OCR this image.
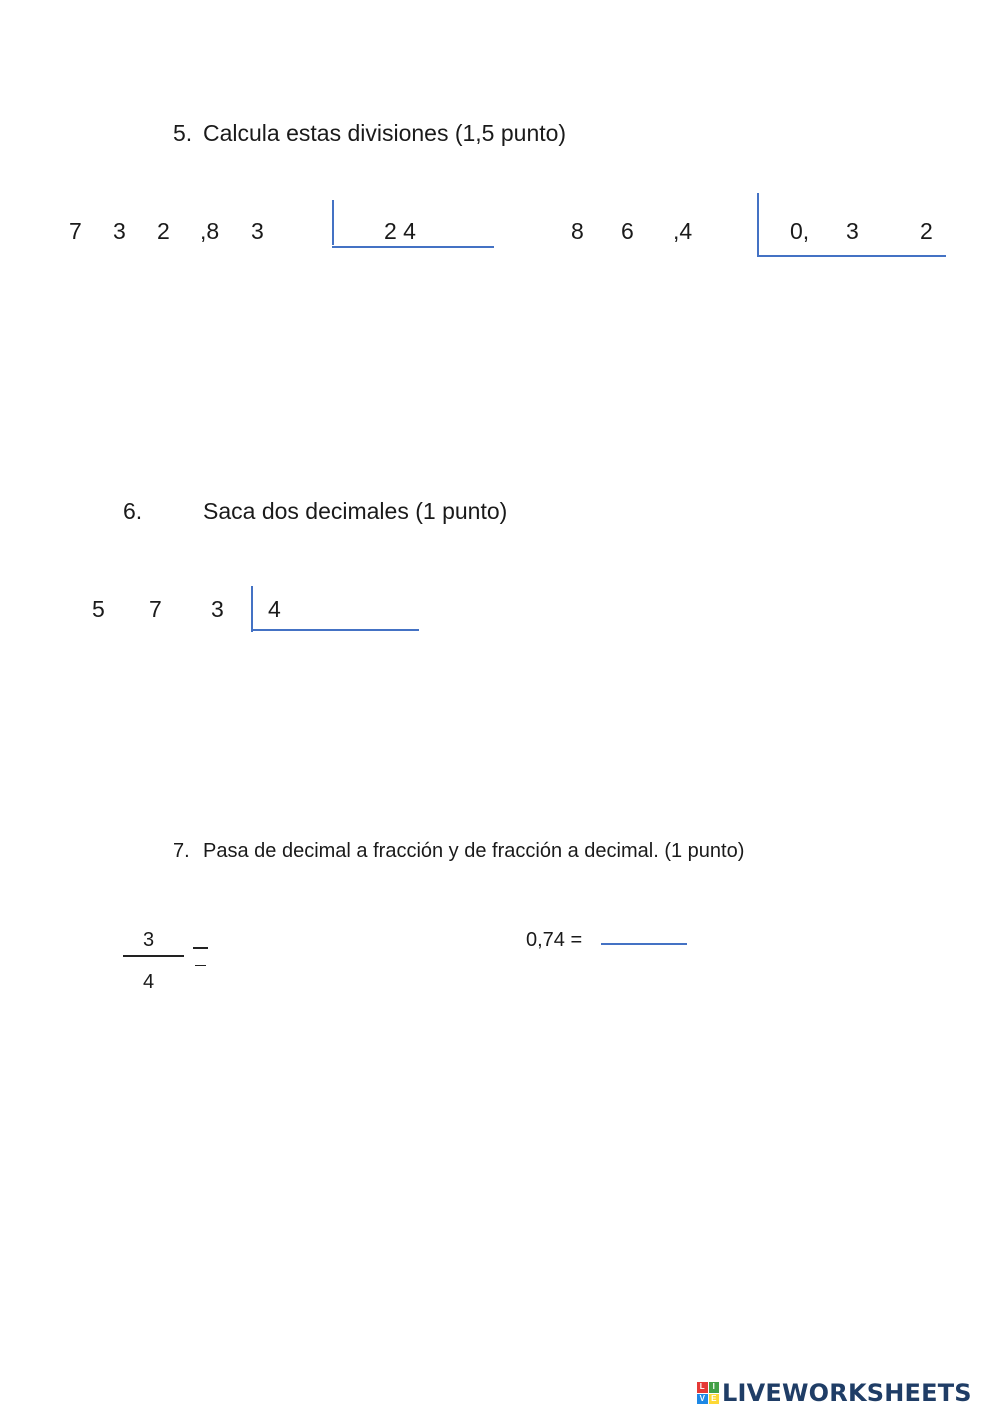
5. Calcula estas divisiones (1,5 punto)
7 3 2 ,8 3	2 4	8 6 ,4	0, 3	2
6.	Saca dos decimales (1 punto)
5 7 3 4
7. Pasa de decimal a fracción y de fracción a decimal. (1 punto)
3
4
0,74 =
L I
V E LIVEWORKSHEETS
